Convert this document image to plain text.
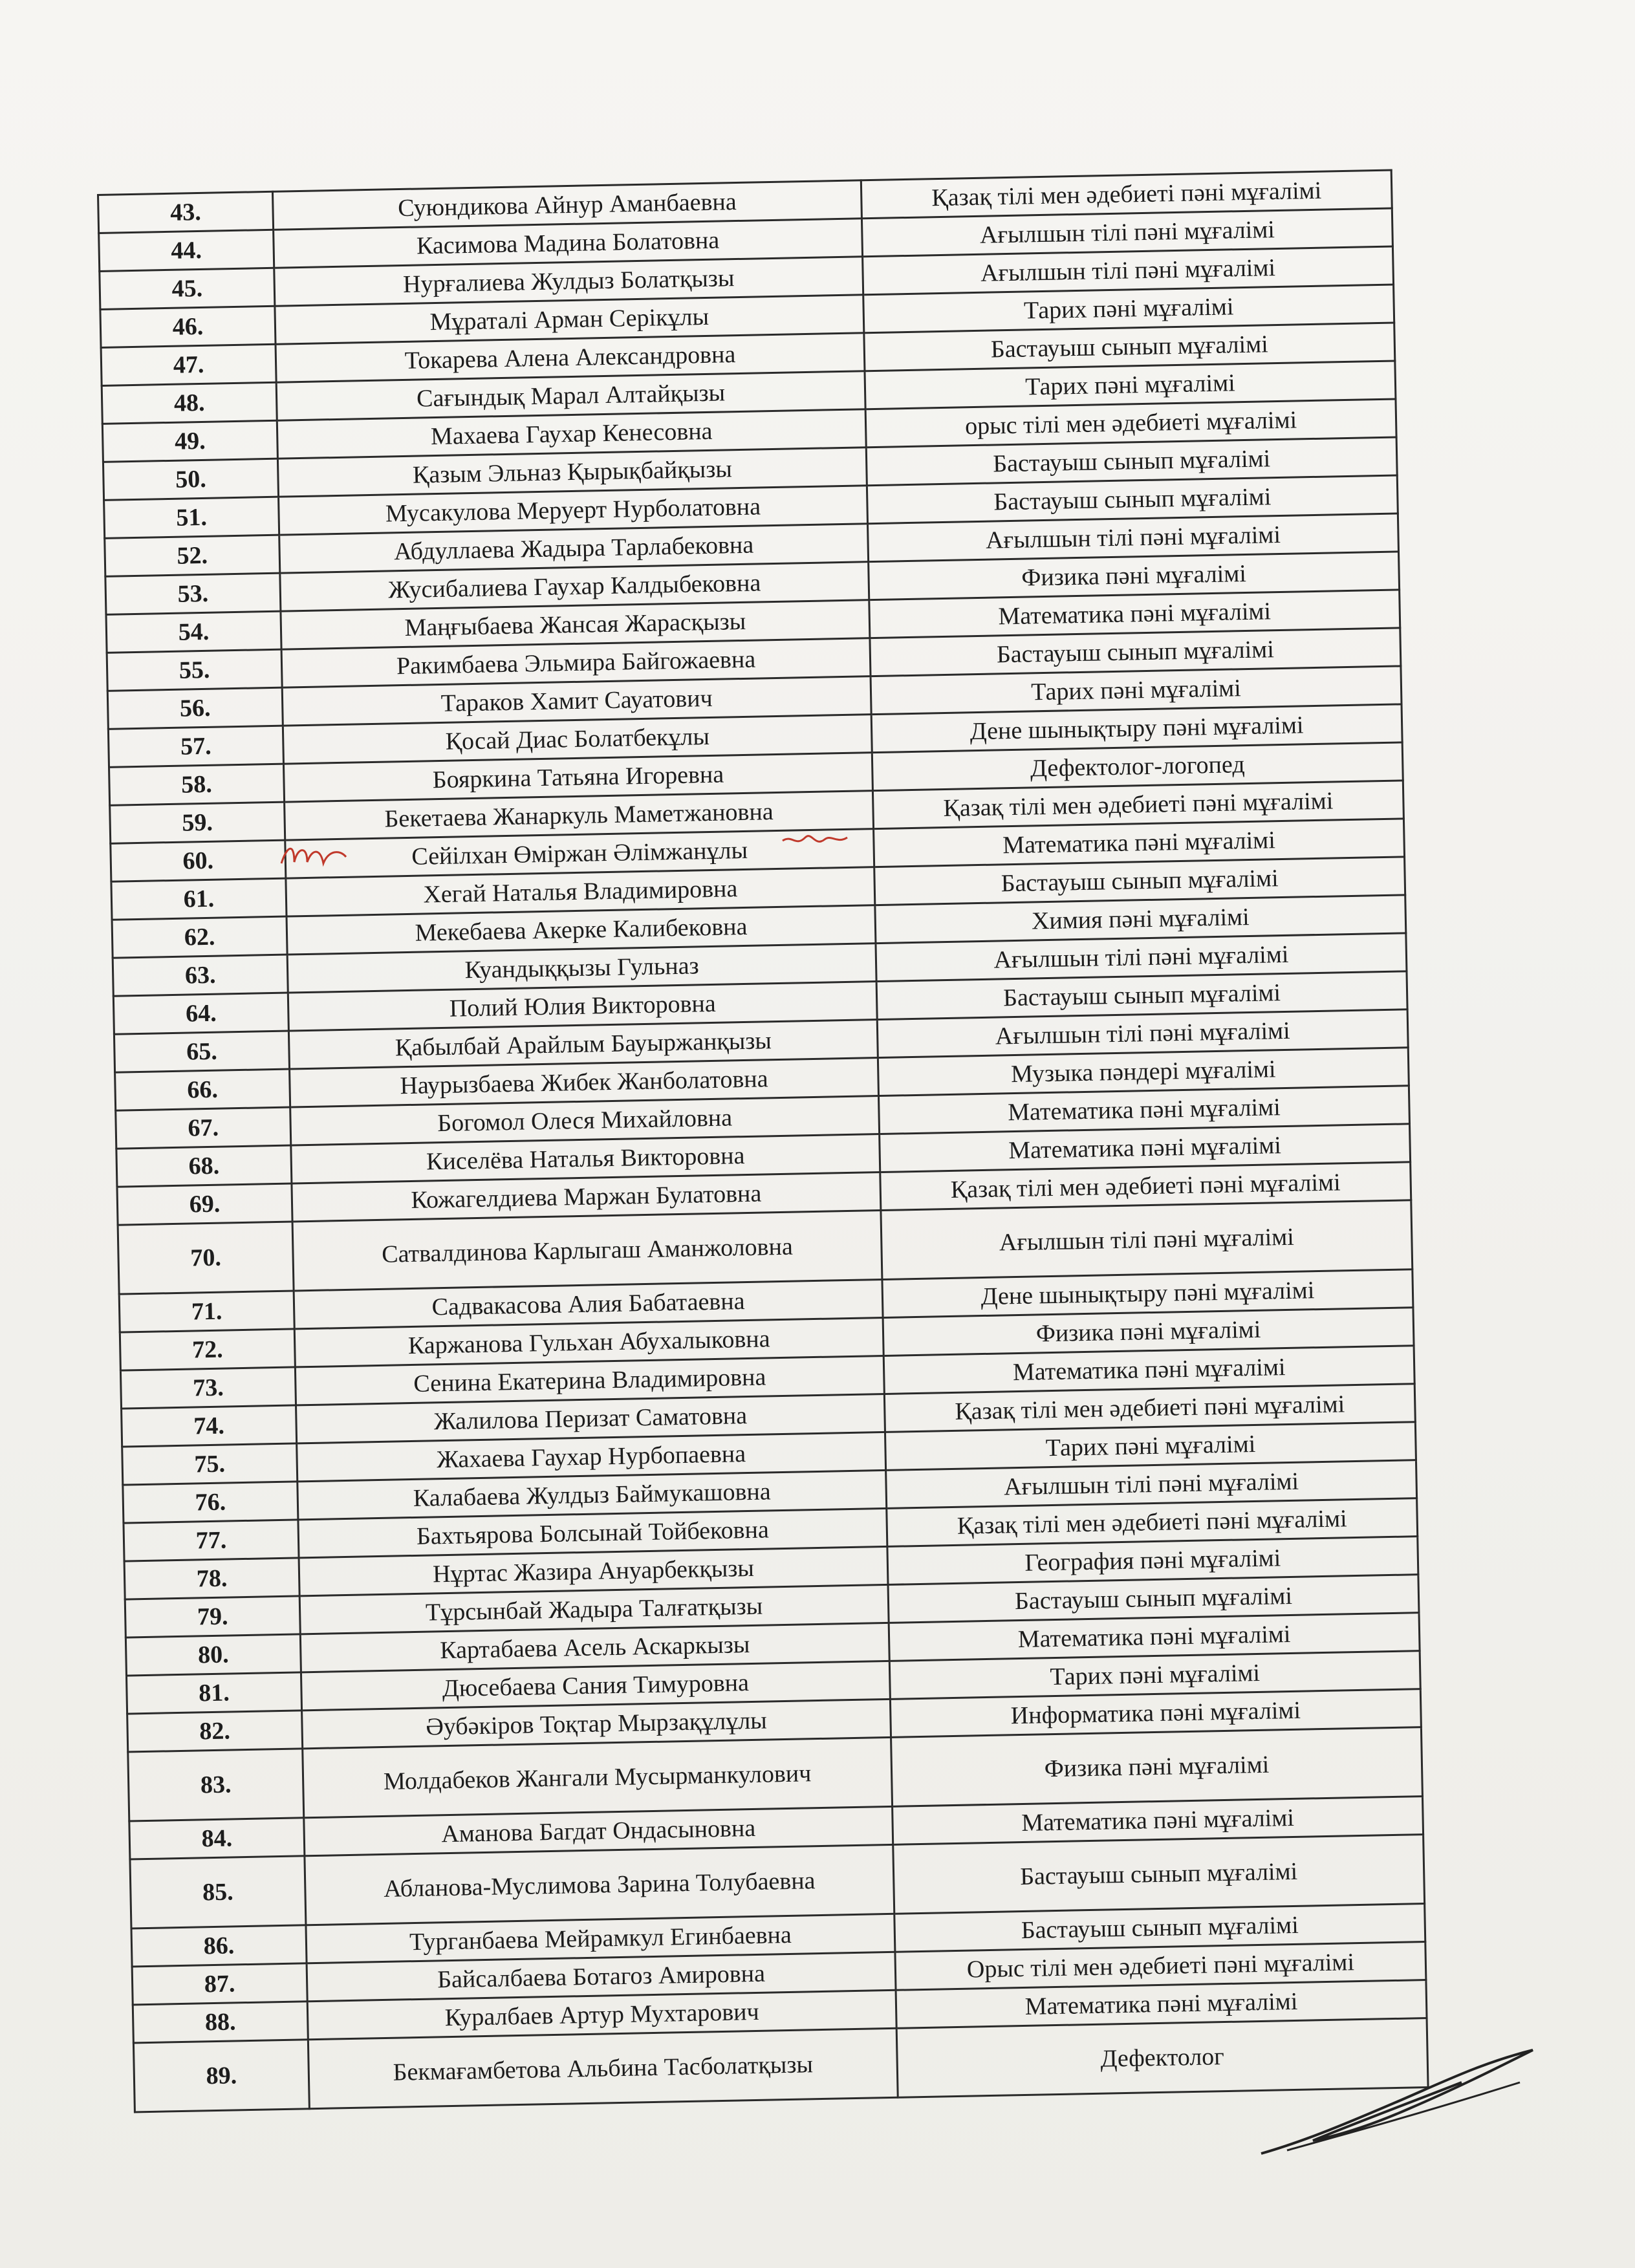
43.	Суюндикова Айнур Аманбаевна	Қазақ тілі мен әдебиеті пәні мұғалімі
44.	Касимова Мадина Болатовна	Ағылшын тілі пәні мұғалімі
45.	Нурғалиева Жулдыз Болатқызы	Ағылшын тілі пәні мұғалімі
46.	Мұраталі Арман Серікұлы	Тарих пәні мұғалімі
47.	Токарева Алена Александровна	Бастауыш сынып мұғалімі
48.	Сағындық Марал Алтайқызы	Тарих пәні мұғалімі
49.	Махаева Гаухар Кенесовна	орыс тілі мен әдебиеті мұғалімі
50.	Қазым Эльназ Қырықбайқызы	Бастауыш сынып мұғалімі
51.	Мусакулова Меруерт Нурболатовна	Бастауыш сынып мұғалімі
52.	Абдуллаева Жадыра Тарлабековна	Ағылшын тілі пәні мұғалімі
53.	Жусибалиева Гаухар Калдыбековна	Физика пәні мұғалімі
54.	Маңғыбаева Жансая Жарасқызы	Математика пәні мұғалімі
55.	Ракимбаева Эльмира Байгожаевна	Бастауыш сынып мұғалімі
56.	Тараков Хамит Сауатович	Тарих пәні мұғалімі
57.	Қосай Диас Болатбекұлы	Дене шынықтыру пәні мұғалімі
58.	Бояркина Татьяна Игоревна	Дефектолог-логопед
59.	Бекетаева Жанаркуль Маметжановна	Қазақ тілі мен әдебиеті пәні мұғалімі
60.	Сейілхан Өміржан Әлімжанұлы	Математика пәні мұғалімі
61.	Хегай Наталья Владимировна	Бастауыш сынып мұғалімі
62.	Мекебаева Акерке Калибековна	Химия пәні мұғалімі
63.	Куандыққызы Гульназ	Ағылшын тілі пәні мұғалімі
64.	Полий Юлия Викторовна	Бастауыш сынып мұғалімі
65.	Қабылбай Арайлым Бауыржанқызы	Ағылшын тілі пәні мұғалімі
66.	Наурызбаева Жибек Жанболатовна	Музыка пәндері мұғалімі
67.	Богомол Олеся Михайловна	Математика пәні мұғалімі
68.	Киселёва Наталья Викторовна	Математика пәні мұғалімі
69.	Кожагелдиева Маржан Булатовна	Қазақ тілі мен әдебиеті пәні мұғалімі
70.	Сатвалдинова Карлыгаш Аманжоловна	Ағылшын тілі пәні мұғалімі
71.	Садвакасова Алия Бабатаевна	Дене шынықтыру пәні мұғалімі
72.	Каржанова Гульхан Абухалыковна	Физика пәні мұғалімі
73.	Сенина Екатерина Владимировна	Математика пәні мұғалімі
74.	Жалилова Перизат Саматовна	Қазақ тілі мен әдебиеті пәні мұғалімі
75.	Жахаева Гаухар Нурбопаевна	Тарих пәні мұғалімі
76.	Калабаева Жулдыз Баймукашовна	Ағылшын тілі пәні мұғалімі
77.	Бахтьярова Болсынай Тойбековна	Қазақ тілі мен әдебиеті пәні мұғалімі
78.	Нұртас Жазира Ануарбекқызы	География пәні мұғалімі
79.	Тұрсынбай Жадыра Талғатқызы	Бастауыш сынып мұғалімі
80.	Картабаева Асель Аскаркызы	Математика пәні мұғалімі
81.	Дюсебаева Сания Тимуровна	Тарих пәні мұғалімі
82.	Әубәкіров Тоқтар Мырзақұлұлы	Информатика пәні мұғалімі
83.	Молдабеков Жангали Мусырманкулович	Физика пәні мұғалімі
84.	Аманова Багдат Ондасыновна	Математика пәні мұғалімі
85.	Абланова-Муслимова Зарина Толубаевна	Бастауыш сынып мұғалімі
86.	Турганбаева Мейрамкул Егинбаевна	Бастауыш сынып мұғалімі
87.	Байсалбаева Ботагоз Амировна	Орыс тілі мен әдебиеті пәні мұғалімі
88.	Куралбаев Артур Мухтарович	Математика пәні мұғалімі
89.	Бекмағамбетова Альбина Тасболатқызы	Дефектолог
